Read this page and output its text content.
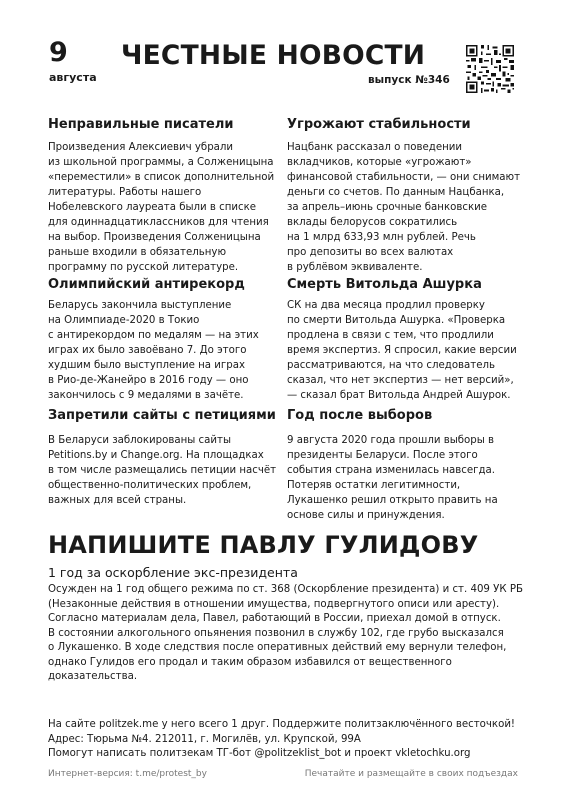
9
августа
ЧЕСТНЫЕ НОВОСТИ
выпуск №346
Неправильные писатели
Произведения Алексиевич убрали
из школьной программы, а Солженицына
«переместили» в список дополнительной
литературы. Работы нашего
Нобелевского лауреата были в списке
для одиннадцатиклассников для чтения
на выбор. Произведения Солженицына
раньше входили в обязательную
программу по русской литературе.
Угрожают стабильности
Нацбанк рассказал о поведении
вкладчиков, которые «угрожают»
финансовой стабильности, — они снимают
деньги со счетов. По данным Нацбанка,
за апрель–июнь срочные банковские
вклады белорусов сократились
на 1 млрд 633,93 млн рублей. Речь
про депозиты во всех валютах
в рублёвом эквиваленте.
Олимпийский антирекорд
Беларусь закончила выступление
на Олимпиаде-2020 в Токио
с антирекордом по медалям — на этих
играх их было завоёвано 7. До этого
худшим было выступление на играх
в Рио-де-Жанейро в 2016 году — оно
закончилось с 9 медалями в зачёте.
Смерть Витольда Ашурка
СК на два месяца продлил проверку
по смерти Витольда Ашурка. «Проверка
продлена в связи с тем, что продлили
время экспертиз. Я спросил, какие версии
рассматриваются, на что следователь
сказал, что нет экспертиз — нет версий»,
— сказал брат Витольда Андрей Ашурок.
Запретили сайты с петициями
В Беларуси заблокированы сайты
Petitions.by и Change.org. На площадках
в том числе размещались петиции насчёт
общественно-политических проблем,
важных для всей страны.
Год после выборов
9 августа 2020 года прошли выборы в
президенты Беларуси. После этого
события страна изменилась навсегда.
Потеряв остатки легитимности,
Лукашенко решил открыто править на
основе силы и принуждения.
НАПИШИТЕ ПАВЛУ ГУЛИДОВУ
1 год за оскорбление экс-президента
Осужден на 1 год общего режима по ст. 368 (Оскорбление президента) и ст. 409 УК РБ
(Незаконные действия в отношении имущества, подвергнутого описи или аресту).
Согласно материалам дела, Павел, работающий в России, приехал домой в отпуск.
В состоянии алкогольного опьянения позвонил в службу 102, где грубо высказался
о Лукашенко. В ходе следствия после оперативных действий ему вернули телефон,
однако Гулидов его продал и таким образом избавился от вещественного
доказательства.
На сайте politzek.me у него всего 1 друг. Поддержите политзаключённого весточкой!
Адрес: Тюрьма №4. 212011, г. Могилёв, ул. Крупской, 99А
Помогут написать политзекам ТГ-бот @politzeklist_bot и проект vkletochku.org
Интернет-версия: t.me/protest_by	Печатайте и размещайте в своих подъездах
